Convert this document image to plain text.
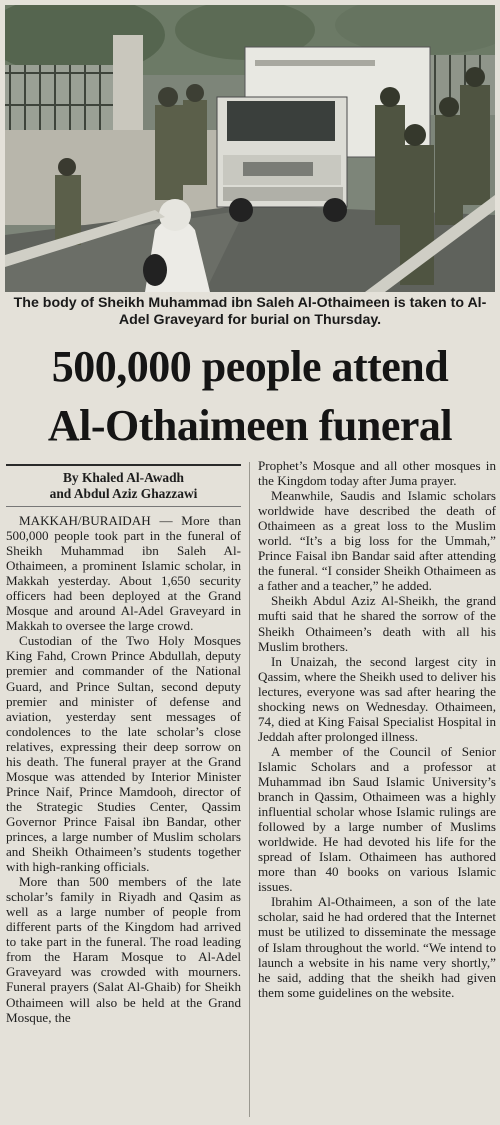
The body of Sheikh Muhammad ibn Saleh Al-Othaimeen is taken to Al-Adel Graveyard for burial on Thursday.
500,000 people attend
Al-Othaimeen funeral

By Khaled Al-Awadh
and Abdul Aziz Ghazzawi

MAKKAH/BURAIDAH — More than 500,000 people took part in the funeral of Sheikh Muhammad ibn Saleh Al-Othaimeen, a prominent Islamic scholar, in Makkah yesterday. About 1,650 security officers had been deployed at the Grand Mosque and around Al-Adel Graveyard in Makkah to oversee the large crowd.

Custodian of the Two Holy Mosques King Fahd, Crown Prince Abdullah, deputy premier and commander of the National Guard, and Prince Sultan, second deputy premier and minister of defense and aviation, yesterday sent messages of condolences to the late scholar’s close relatives, expressing their deep sorrow on his death. The funeral prayer at the Grand Mosque was attended by Interior Minister Prince Naif, Prince Mamdooh, director of the Strategic Studies Center, Qassim Governor Prince Faisal ibn Bandar, other princes, a large number of Muslim scholars and Sheikh Othaimeen’s students together with high-ranking officials.

More than 500 members of the late scholar’s family in Riyadh and Qasim as well as a large number of people from different parts of the Kingdom had arrived to take part in the funeral. The road leading from the Haram Mosque to Al-Adel Graveyard was crowded with mourners. Funeral prayers (Salat Al-Ghaib) for Sheikh Othaimeen will also be held at the Grand Mosque, the

Prophet’s Mosque and all other mosques in the Kingdom today after Juma prayer.

Meanwhile, Saudis and Islamic scholars worldwide have described the death of Othaimeen as a great loss to the Muslim world. “It’s a big loss for the Ummah,” Prince Faisal ibn Bandar said after attending the funeral. “I consider Sheikh Othaimeen as a father and a teacher,” he added.

Sheikh Abdul Aziz Al-Sheikh, the grand mufti said that he shared the sorrow of the Sheikh Othaimeen’s death with all his Muslim brothers.

In Unaizah, the second largest city in Qassim, where the Sheikh used to deliver his lectures, everyone was sad after hearing the shocking news on Wednesday. Othaimeen, 74, died at King Faisal Specialist Hospital in Jeddah after prolonged illness.

A member of the Council of Senior Islamic Scholars and a professor at Muhammad ibn Saud Islamic University’s branch in Qassim, Othaimeen was a highly influential scholar whose Islamic rulings are followed by a large number of Muslims worldwide. He had devoted his life for the spread of Islam. Othaimeen has authored more than 40 books on various Islamic issues.

Ibrahim Al-Othaimeen, a son of the late scholar, said he had ordered that the Internet must be utilized to disseminate the message of Islam throughout the world. “We intend to launch a website in his name very shortly,” he said, adding that the sheikh had given them some guidelines on the website.
